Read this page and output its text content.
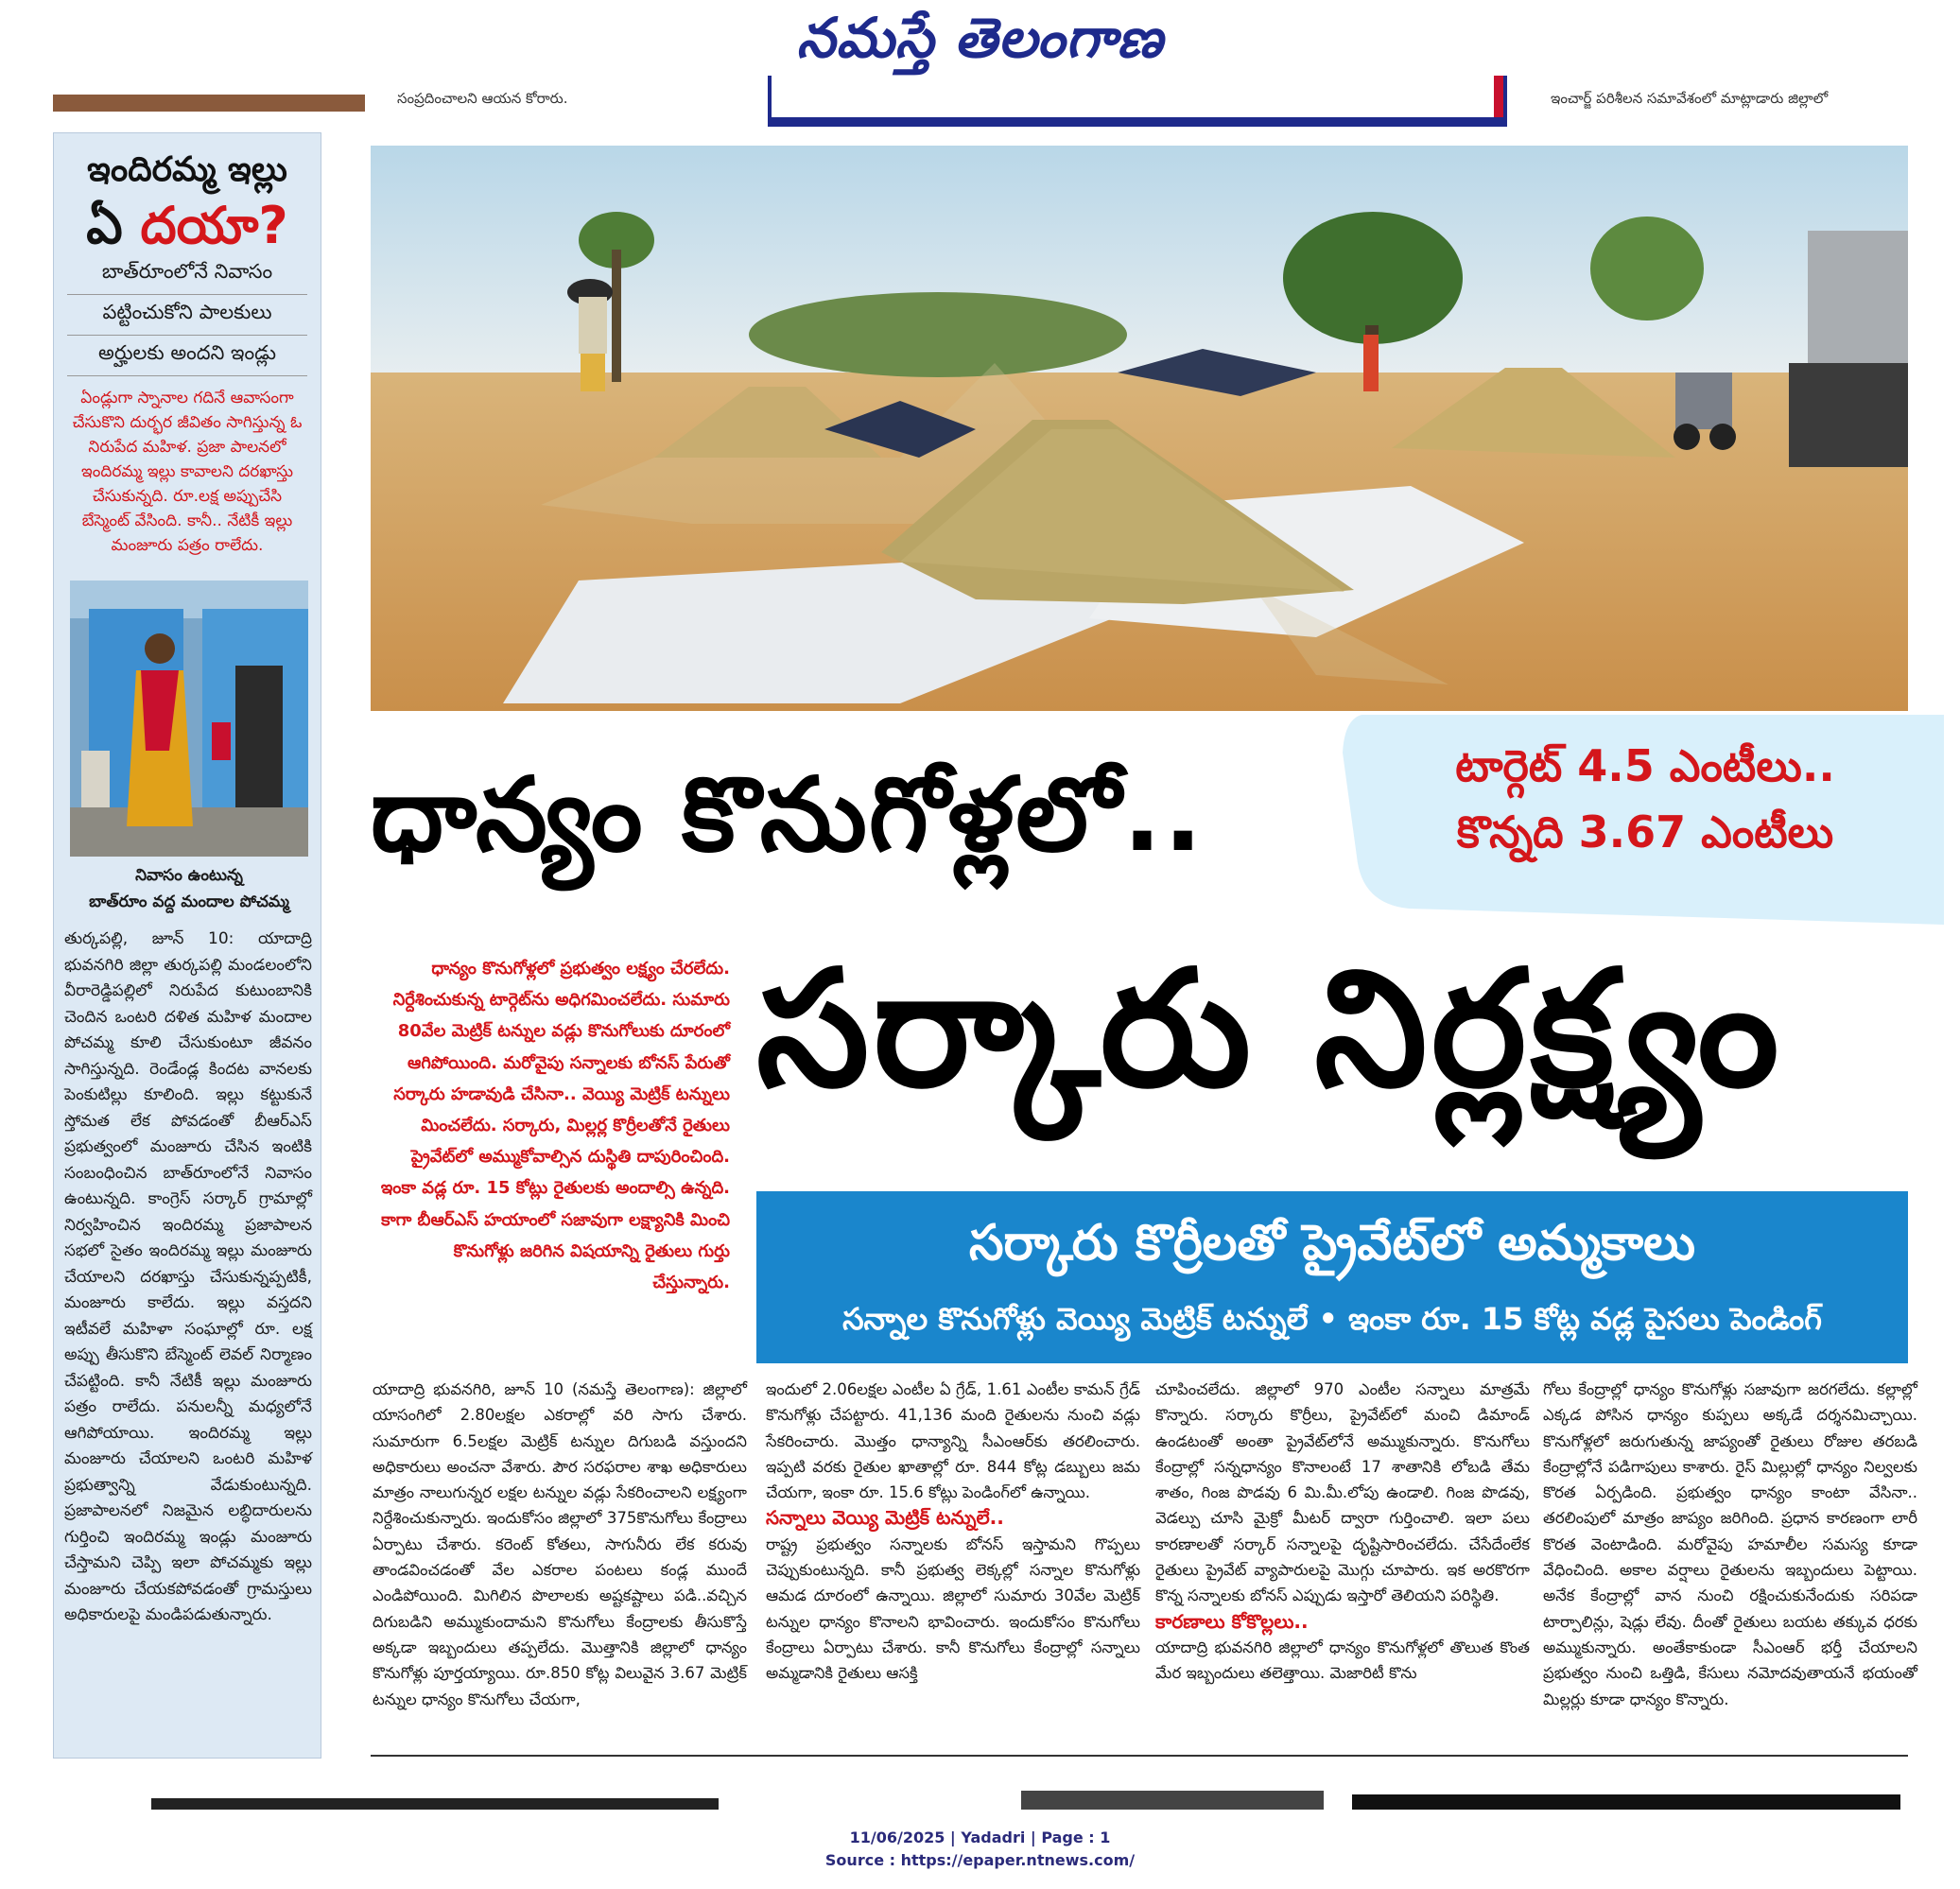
నమస్తే తెలంగాణ
సంప్రదించాలని ఆయన కోరారు.	ఇంచార్జ్ పరిశీలన సమావేశంలో మాట్లాడారు జిల్లాలో
ఇందిరమ్మ ఇల్లు
ఏ దయా?
బాత్‌రూంలోనే నివాసం
పట్టించుకోని పాలకులు
అర్హులకు అందని ఇండ్లు
ఏండ్లుగా స్నానాల గదినే ఆవాసంగా చేసుకొని దుర్భర జీవితం సాగిస్తున్న ఓ నిరుపేద మహిళ. ప్రజా పాలనలో ఇందిరమ్మ ఇల్లు కావాలని దరఖాస్తు చేసుకున్నది. రూ.లక్ష అప్పుచేసి బేస్మెంట్ వేసింది. కానీ.. నేటికీ ఇల్లు మంజూరు పత్రం రాలేదు.
నివాసం ఉంటున్న
బాత్‌రూం వద్ద మందాల పోచమ్మ
తుర్కపల్లి, జూన్ 10: యాదాద్రి భువనగిరి జిల్లా తుర్కపల్లి మండలంలోని వీరారెడ్డిపల్లిలో నిరుపేద కుటుంబానికి చెందిన ఒంటరి దళిత మహిళ మందాల పోచమ్మ కూలి చేసుకుంటూ జీవనం సాగిస్తున్నది. రెండేండ్ల కిందట వానలకు పెంకుటిల్లు కూలింది. ఇల్లు కట్టుకునే స్తోమత లేక పోవడంతో బీఆర్‌ఎస్ ప్రభుత్వంలో మంజూరు చేసిన ఇంటికి సంబంధించిన బాత్‌రూంలోనే నివాసం ఉంటున్నది. కాంగ్రెస్ సర్కార్ గ్రామాల్లో నిర్వహించిన ఇందిరమ్మ ప్రజాపాలన సభలో సైతం ఇందిరమ్మ ఇల్లు మంజూరు చేయాలని దరఖాస్తు చేసుకున్నప్పటికీ, మంజూరు కాలేదు. ఇల్లు వస్తదని ఇటీవలే మహిళా సంఘాల్లో రూ. లక్ష అప్పు తీసుకొని బేస్మెంట్ లెవల్ నిర్మాణం చేపట్టింది. కానీ నేటికీ ఇల్లు మంజూరు పత్రం రాలేదు. పనులన్నీ మధ్యలోనే ఆగిపోయాయి. ఇందిరమ్మ ఇల్లు మంజూరు చేయాలని ఒంటరి మహిళ ప్రభుత్వాన్ని వేడుకుంటున్నది. ప్రజాపాలనలో నిజమైన లబ్ధిదారులను గుర్తించి ఇందిరమ్మ ఇండ్లు మంజూరు చేస్తామని చెప్పి ఇలా పోచమ్మకు ఇల్లు మంజూరు చేయకపోవడంతో గ్రామస్తులు అధికారులపై మండిపడుతున్నారు.
టార్గెట్ 4.5 ఎంటీలు..
కొన్నది 3.67 ఎంటీలు
ధాన్యం కొనుగోళ్లలో..
సర్కారు నిర్లక్ష్యం
ధాన్యం కొనుగోళ్లలో ప్రభుత్వం లక్ష్యం చేరలేదు. నిర్దేశించుకున్న టార్గెట్‌ను అధిగమించలేదు. సుమారు 80వేల మెట్రిక్ టన్నుల వడ్లు కొనుగోలుకు దూరంలో ఆగిపోయింది. మరోవైపు సన్నాలకు బోనస్ పేరుతో సర్కారు హడావుడి చేసినా.. వెయ్యి మెట్రిక్ టన్నులు మించలేదు. సర్కారు, మిల్లర్ల కొర్రీలతోనే రైతులు ప్రైవేట్‌లో అమ్ముకోవాల్సిన దుస్థితి దాపురించింది. ఇంకా వడ్ల రూ. 15 కోట్లు రైతులకు అందాల్సి ఉన్నది. కాగా బీఆర్‌ఎస్ హయాంలో సజావుగా లక్ష్యానికి మించి కొనుగోళ్లు జరిగిన విషయాన్ని రైతులు గుర్తు చేస్తున్నారు.
సర్కారు కొర్రీలతో ప్రైవేట్‌లో అమ్మకాలు
సన్నాల కొనుగోళ్లు వెయ్యి మెట్రిక్ టన్నులే • ఇంకా రూ. 15 కోట్ల వడ్ల పైసలు పెండింగ్
యాదాద్రి భువనగిరి, జూన్ 10 (నమస్తే తెలంగాణ): జిల్లాలో యాసంగిలో 2.80లక్షల ఎకరాల్లో వరి సాగు చేశారు. సుమారుగా 6.5లక్షల మెట్రిక్ టన్నుల దిగుబడి వస్తుందని అధికారులు అంచనా వేశారు. పౌర సరఫరాల శాఖ అధికారులు మాత్రం నాలుగున్నర లక్షల టన్నుల వడ్లు సేకరించాలని లక్ష్యంగా నిర్దేశించుకున్నారు. ఇందుకోసం జిల్లాలో 375కొనుగోలు కేంద్రాలు ఏర్పాటు చేశారు. కరెంట్ కోతలు, సాగునీరు లేక కరువు తాండవించడంతో వేల ఎకరాల పంటలు కండ్ల ముందే ఎండిపోయింది. మిగిలిన పొలాలకు అష్టకష్టాలు పడి..వచ్చిన దిగుబడిని అమ్ముకుందామని కొనుగోలు కేంద్రాలకు తీసుకొస్తే అక్కడా ఇబ్బందులు తప్పలేదు. మొత్తానికి జిల్లాలో ధాన్యం కొనుగోళ్లు పూర్తయ్యాయి. రూ.850 కోట్ల విలువైన 3.67 మెట్రిక్ టన్నుల ధాన్యం కొనుగోలు చేయగా,
ఇందులో 2.06లక్షల ఎంటీల ఏ గ్రేడ్, 1.61 ఎంటీల కామన్ గ్రేడ్ కొనుగోళ్లు చేపట్టారు. 41,136 మంది రైతులను నుంచి వడ్లు సేకరించారు. మొత్తం ధాన్యాన్ని సీఎంఆర్‌కు తరలించారు. ఇప్పటి వరకు రైతుల ఖాతాల్లో రూ. 844 కోట్ల డబ్బులు జమ చేయగా, ఇంకా రూ. 15.6 కోట్లు పెండింగ్‌లో ఉన్నాయి.
సన్నాలు వెయ్యి మెట్రిక్ టన్నులే..
రాష్ట్ర ప్రభుత్వం సన్నాలకు బోనస్ ఇస్తామని గొప్పలు చెప్పుకుంటున్నది. కానీ ప్రభుత్వ లెక్కల్లో సన్నాల కొనుగోళ్లు ఆమడ దూరంలో ఉన్నాయి. జిల్లాలో సుమారు 30వేల మెట్రిక్ టన్నుల ధాన్యం కొనాలని భావించారు. ఇందుకోసం కొనుగోలు కేంద్రాలు ఏర్పాటు చేశారు. కానీ కొనుగోలు కేంద్రాల్లో సన్నాలు అమ్మడానికి రైతులు ఆసక్తి
చూపించలేదు. జిల్లాలో 970 ఎంటీల సన్నాలు మాత్రమే కొన్నారు. సర్కారు కొర్రీలు, ప్రైవేట్‌లో మంచి డిమాండ్ ఉండటంతో అంతా ప్రైవేట్‌లోనే అమ్ముకున్నారు. కొనుగోలు కేంద్రాల్లో సన్నధాన్యం కొనాలంటే 17 శాతానికి లోబడి తేమ శాతం, గింజ పొడవు 6 మి.మీ.లోపు ఉండాలి. గింజ పొడవు, వెడల్పు చూసి మైక్రో మీటర్ ద్వారా గుర్తించాలి. ఇలా పలు కారణాలతో సర్కార్ సన్నాలపై దృష్టిసారించలేదు. చేసేదేంలేక రైతులు ప్రైవేట్ వ్యాపారులపై మొగ్గు చూపారు. ఇక అరకొరగా కొన్న సన్నాలకు బోనస్ ఎప్పుడు ఇస్తారో తెలియని పరిస్థితి.
కారణాలు కోకొల్లలు..
యాదాద్రి భువనగిరి జిల్లాలో ధాన్యం కొనుగోళ్లలో తొలుత కొంత మేర ఇబ్బందులు తలెత్తాయి. మెజారిటీ కొను
గోలు కేంద్రాల్లో ధాన్యం కొనుగోళ్లు సజావుగా జరగలేదు. కల్లాల్లో ఎక్కడ పోసిన ధాన్యం కుప్పలు అక్కడే దర్శనమిచ్చాయి. కొనుగోళ్లలో జరుగుతున్న జాప్యంతో రైతులు రోజుల తరబడి కేంద్రాల్లోనే పడిగాపులు కాశారు. రైస్ మిల్లుల్లో ధాన్యం నిల్వలకు కొరత ఏర్పడింది. ప్రభుత్వం ధాన్యం కాంటా వేసినా.. తరలింపులో మాత్రం జాప్యం జరిగింది. ప్రధాన కారణంగా లారీ కొరత వెంటాడింది. మరోవైపు హమాలీల సమస్య కూడా వేధించింది. అకాల వర్షాలు రైతులను ఇబ్బందులు పెట్టాయి. అనేక కేంద్రాల్లో వాన నుంచి రక్షించుకునేందుకు సరిపడా టార్పాలిన్లు, షెడ్లు లేవు. దీంతో రైతులు బయట తక్కువ ధరకు అమ్ముకున్నారు. అంతేకాకుండా సీఎంఆర్ భర్తీ చేయాలని ప్రభుత్వం నుంచి ఒత్తిడి, కేసులు నమోదవుతాయనే భయంతో మిల్లర్లు కూడా ధాన్యం కొన్నారు.
11/06/2025 | Yadadri | Page : 1
Source : https://epaper.ntnews.com/
